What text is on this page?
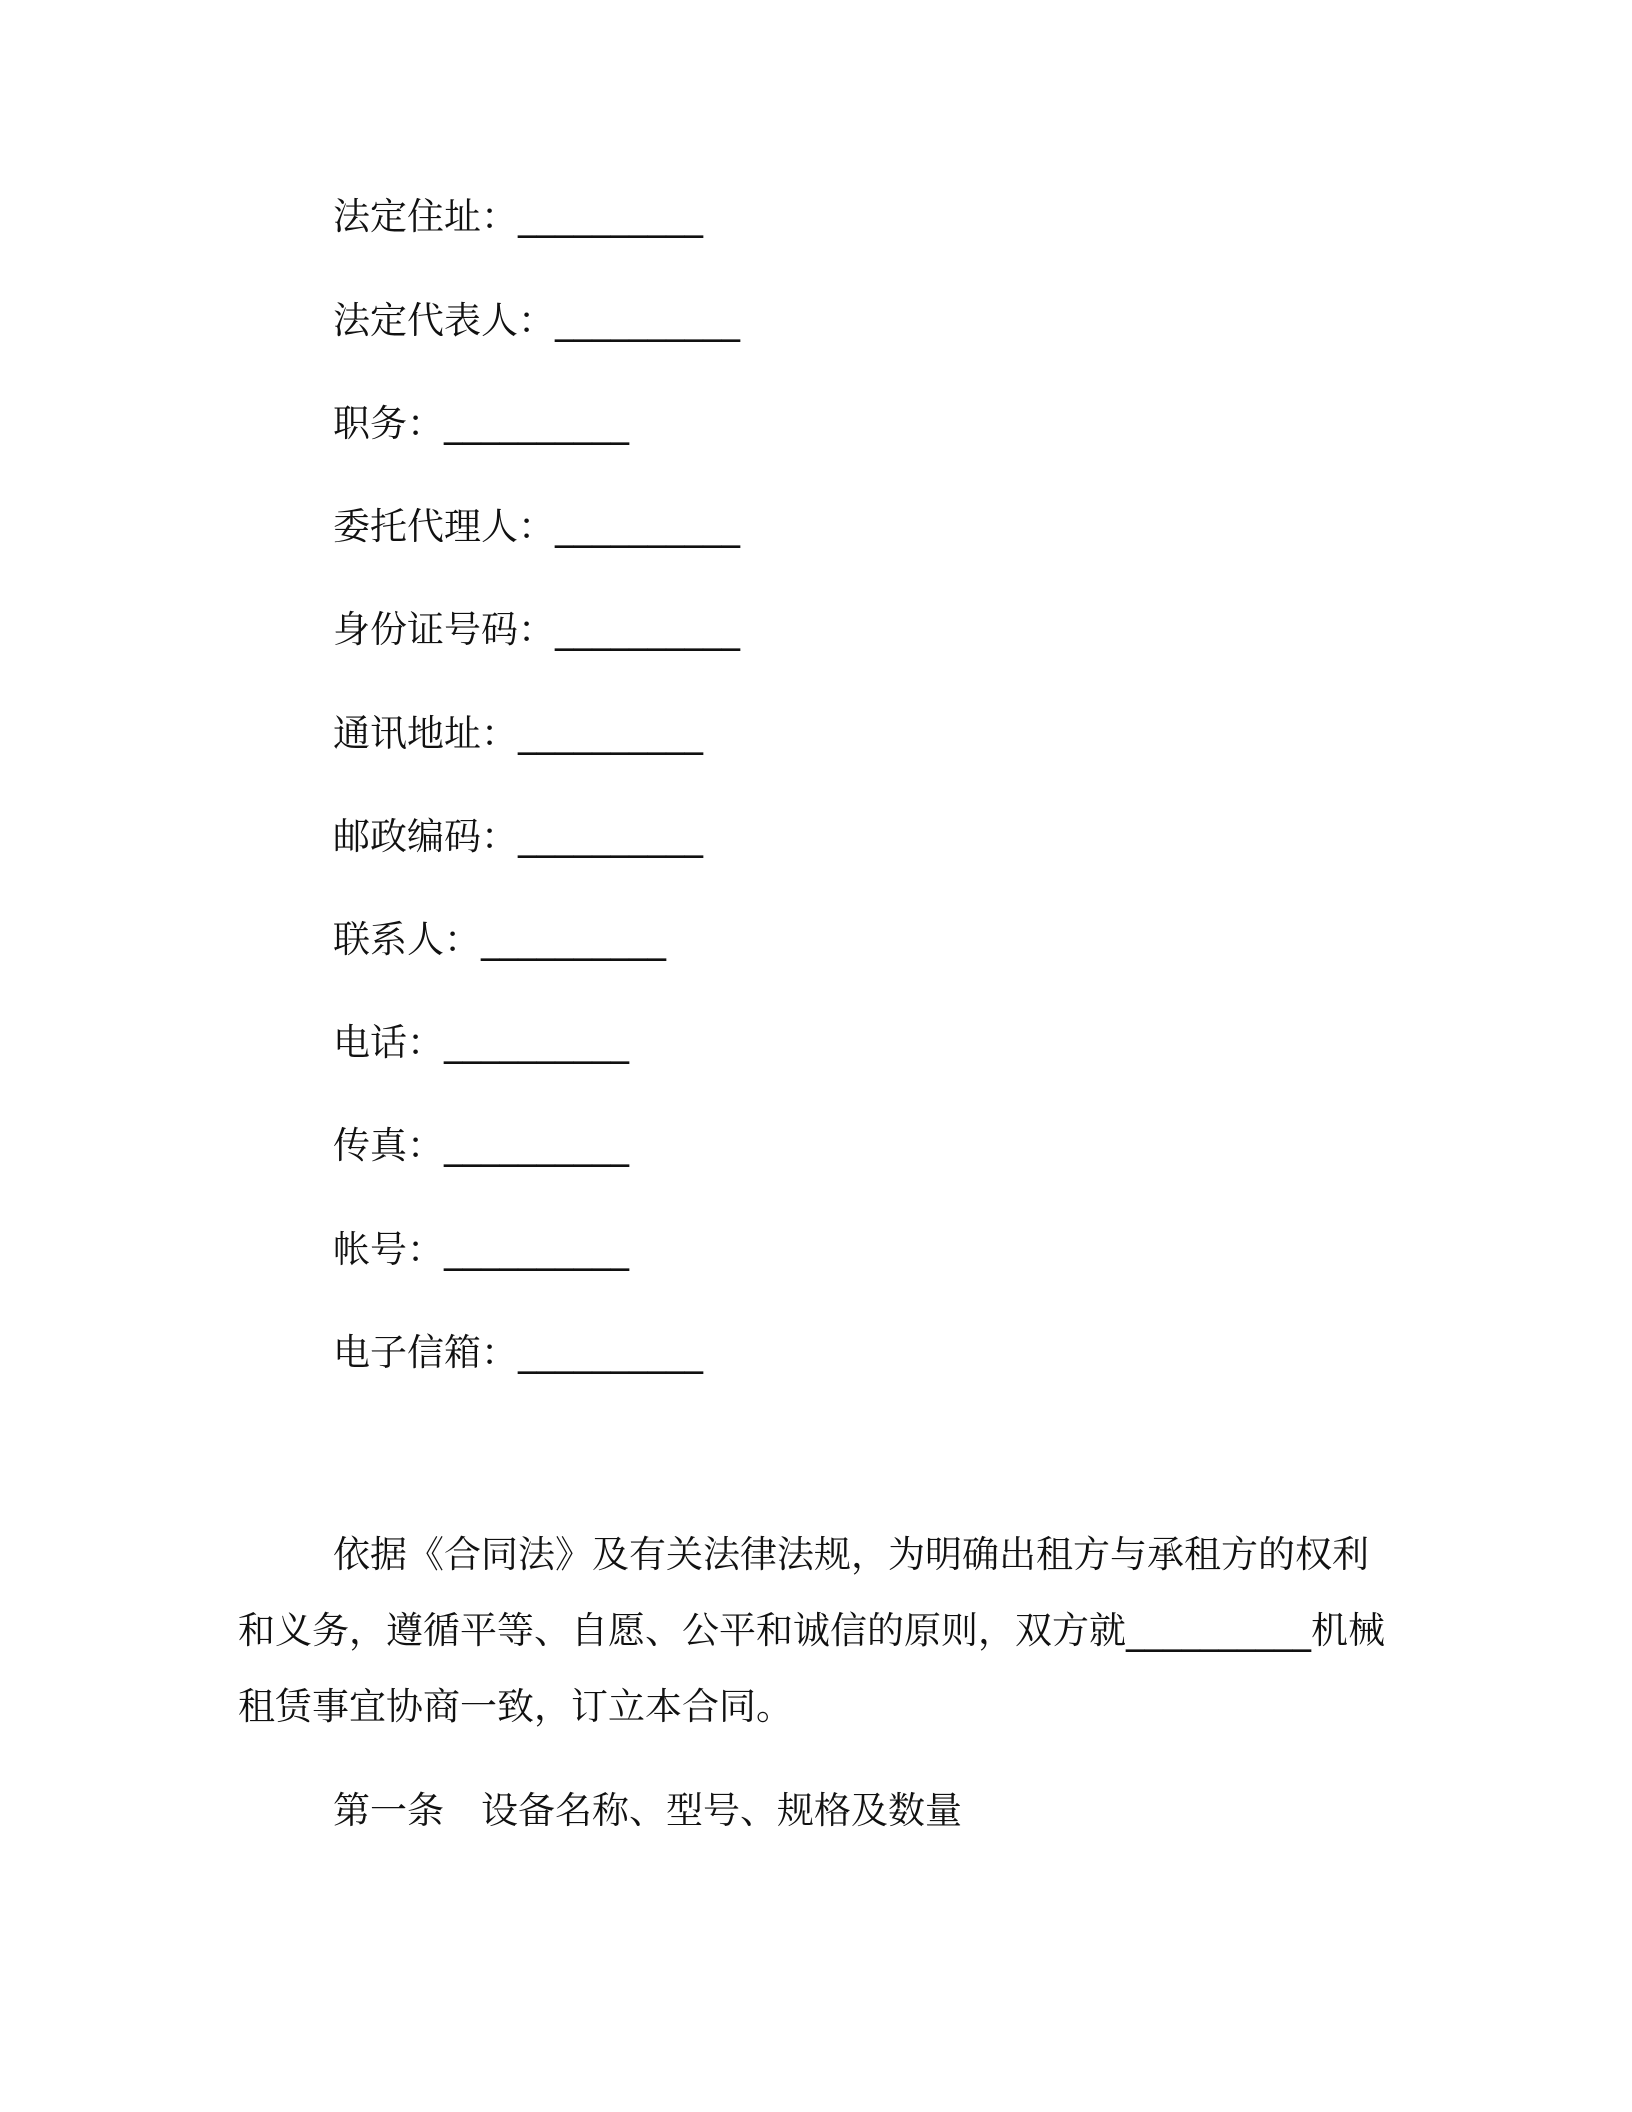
法定住址：__________
法定代表人：__________
职务：__________
委托代理人：__________
身份证号码：__________
通讯地址：__________
邮政编码：__________
联系人：__________
电话：__________
传真：__________
帐号：__________
电子信箱：__________
依据《合同法》及有关法律法规，为明确出租方与承租方的权利和义务，遵循平等、自愿、公平和诚信的原则，双方就__________机械租赁事宜协商一致，订立本合同。
第一条　设备名称、型号、规格及数量
